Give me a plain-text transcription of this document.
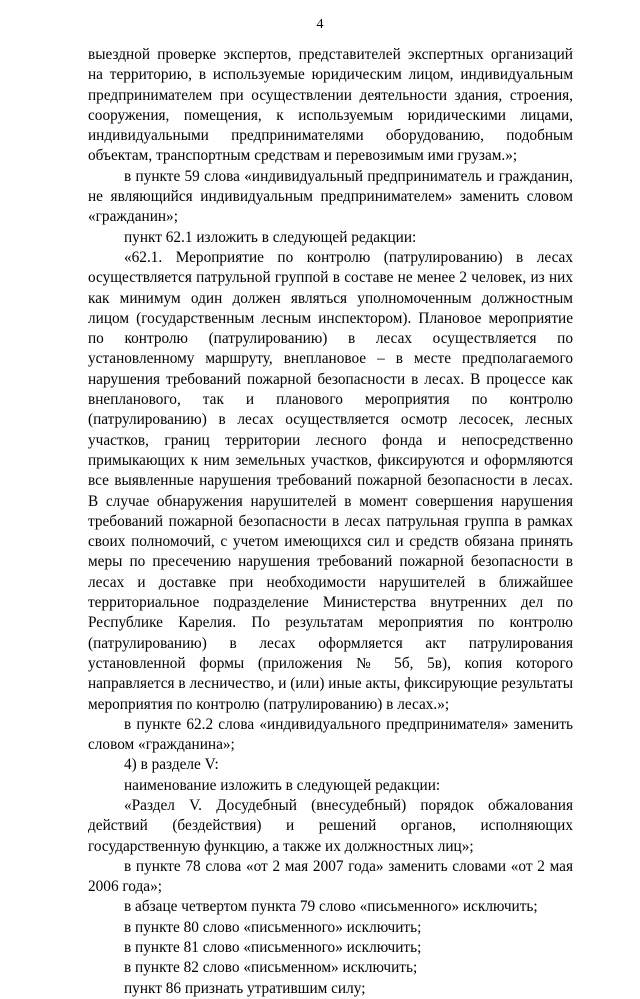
4

выездной проверке экспертов, представителей экспертных организаций на территорию, в используемые юридическим лицом, индивидуальным предпринимателем при осуществлении деятельности здания, строения, сооружения, помещения, к используемым юридическими лицами, индивидуальными предпринимателями оборудованию, подобным объектам, транспортным средствам и перевозимым ими грузам.»;

в пункте 59 слова «индивидуальный предприниматель и гражданин, не являющийся индивидуальным предпринимателем» заменить словом «гражданин»;

пункт 62.1 изложить в следующей редакции:

«62.1. Мероприятие по контролю (патрулированию) в лесах осуществляется патрульной группой в составе не менее 2 человек, из них как минимум один должен являться уполномоченным должностным лицом (государственным лесным инспектором). Плановое мероприятие по контролю (патрулированию) в лесах осуществляется по установленному маршруту, внеплановое – в месте предполагаемого нарушения требований пожарной безопасности в лесах. В процессе как внепланового, так и планового мероприятия по контролю (патрулированию) в лесах осуществляется осмотр лесосек, лесных участков, границ территории лесного фонда и непосредственно примыкающих к ним земельных участков, фиксируются и оформляются все выявленные нарушения требований пожарной безопасности в лесах. В случае обнаружения нарушителей в момент совершения нарушения требований пожарной безопасности в лесах патрульная группа в рамках своих полномочий, с учетом имеющихся сил и средств обязана принять меры по пресечению нарушения требований пожарной безопасности в лесах и доставке при необходимости нарушителей в ближайшее территориальное подразделение Министерства внутренних дел по Республике Карелия. По результатам мероприятия по контролю (патрулированию) в лесах оформляется акт патрулирования установленной формы (приложения № 5б, 5в), копия которого направляется в лесничество, и (или) иные акты, фиксирующие результаты мероприятия по контролю (патрулированию) в лесах.»;

в пункте 62.2 слова «индивидуального предпринимателя» заменить словом «гражданина»;

4) в разделе V:

наименование изложить в следующей редакции:

«Раздел V. Досудебный (внесудебный) порядок обжалования действий (бездействия) и решений органов, исполняющих государственную функцию, а также их должностных лиц»;

в пункте 78 слова «от 2 мая 2007 года» заменить словами «от 2 мая 2006 года»;

в абзаце четвертом пункта 79 слово «письменного» исключить;

в пункте 80 слово «письменного» исключить;

в пункте 81 слово «письменного» исключить;

в пункте 82 слово «письменном» исключить;

пункт 86 признать утратившим силу;
